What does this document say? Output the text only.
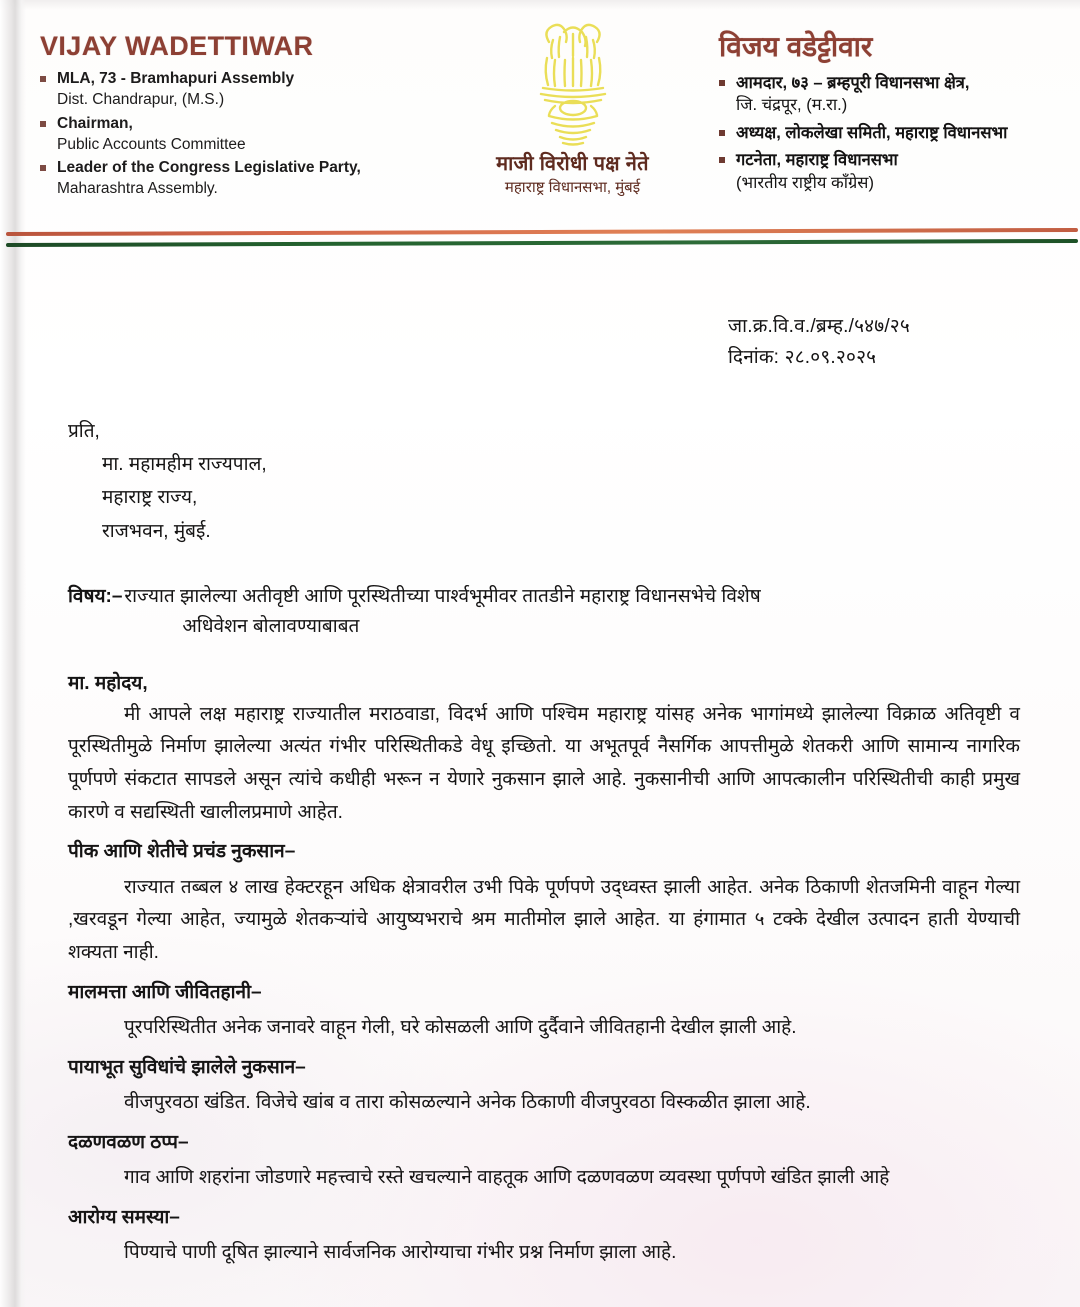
VIJAY WADETTIWAR
MLA, 73 - Bramhapuri Assembly
Dist. Chandrapur, (M.S.)
Chairman,
Public Accounts Committee
Leader of the Congress Legislative Party,
Maharashtra Assembly.
माजी विरोधी पक्ष नेते
महाराष्ट्र विधानसभा, मुंबई
विजय वडेट्टीवार
आमदार, ७३ – ब्रम्हपूरी विधानसभा क्षेत्र,
जि. चंद्रपूर, (म.रा.)
अध्यक्ष, लोकलेखा समिती, महाराष्ट्र विधानसभा
गटनेता, महाराष्ट्र विधानसभा
(भारतीय राष्ट्रीय काँग्रेस)
जा.क्र.वि.व./ब्रम्ह./५४७/२५
दिनांक: २८.०९.२०२५
प्रति,
मा. महामहीम राज्यपाल,
महाराष्ट्र राज्य,
राजभवन, मुंबई.
विषय:– राज्यात झालेल्या अतीवृष्टी आणि पूरस्थितीच्या पार्श्वभूमीवर तातडीने महाराष्ट्र विधानसभेचे विशेष
अधिवेशन बोलावण्याबाबत
मा. महोदय,

मी आपले लक्ष महाराष्ट्र राज्यातील मराठवाडा, विदर्भ आणि पश्चिम महाराष्ट्र यांसह अनेक भागांमध्ये झालेल्या विक्राळ अतिवृष्टी व पूरस्थितीमुळे निर्माण झालेल्या अत्यंत गंभीर परिस्थितीकडे वेधू इच्छितो. या अभूतपूर्व नैसर्गिक आपत्तीमुळे शेतकरी आणि सामान्य नागरिक पूर्णपणे संकटात सापडले असून त्यांचे कधीही भरून न येणारे नुकसान झाले आहे. नुकसानीची आणि आपत्कालीन परिस्थितीची काही प्रमुख कारणे व सद्यस्थिती खालीलप्रमाणे आहेत.

पीक आणि शेतीचे प्रचंड नुकसान–

राज्यात तब्बल ४ लाख हेक्टरहून अधिक क्षेत्रावरील उभी पिके पूर्णपणे उद्ध्वस्त झाली आहेत. अनेक ठिकाणी शेतजमिनी वाहून गेल्या ,खरवडून गेल्या आहेत, ज्यामुळे शेतकऱ्यांचे आयुष्यभराचे श्रम मातीमोल झाले आहेत. या हंगामात ५ टक्के देखील उत्पादन हाती येण्याची शक्यता नाही.

मालमत्ता आणि जीवितहानी–

पूरपरिस्थितीत अनेक जनावरे वाहून गेली, घरे कोसळली आणि दुर्दैवाने जीवितहानी देखील झाली आहे.

पायाभूत सुविधांचे झालेले नुकसान–

वीजपुरवठा खंडित. विजेचे खांब व तारा कोसळल्याने अनेक ठिकाणी वीजपुरवठा विस्कळीत झाला आहे.

दळणवळण ठप्प–

गाव आणि शहरांना जोडणारे महत्त्वाचे रस्ते खचल्याने वाहतूक आणि दळणवळण व्यवस्था पूर्णपणे खंडित झाली आहे

आरोग्य समस्या–

पिण्याचे पाणी दूषित झाल्याने सार्वजनिक आरोग्याचा गंभीर प्रश्न निर्माण झाला आहे.
